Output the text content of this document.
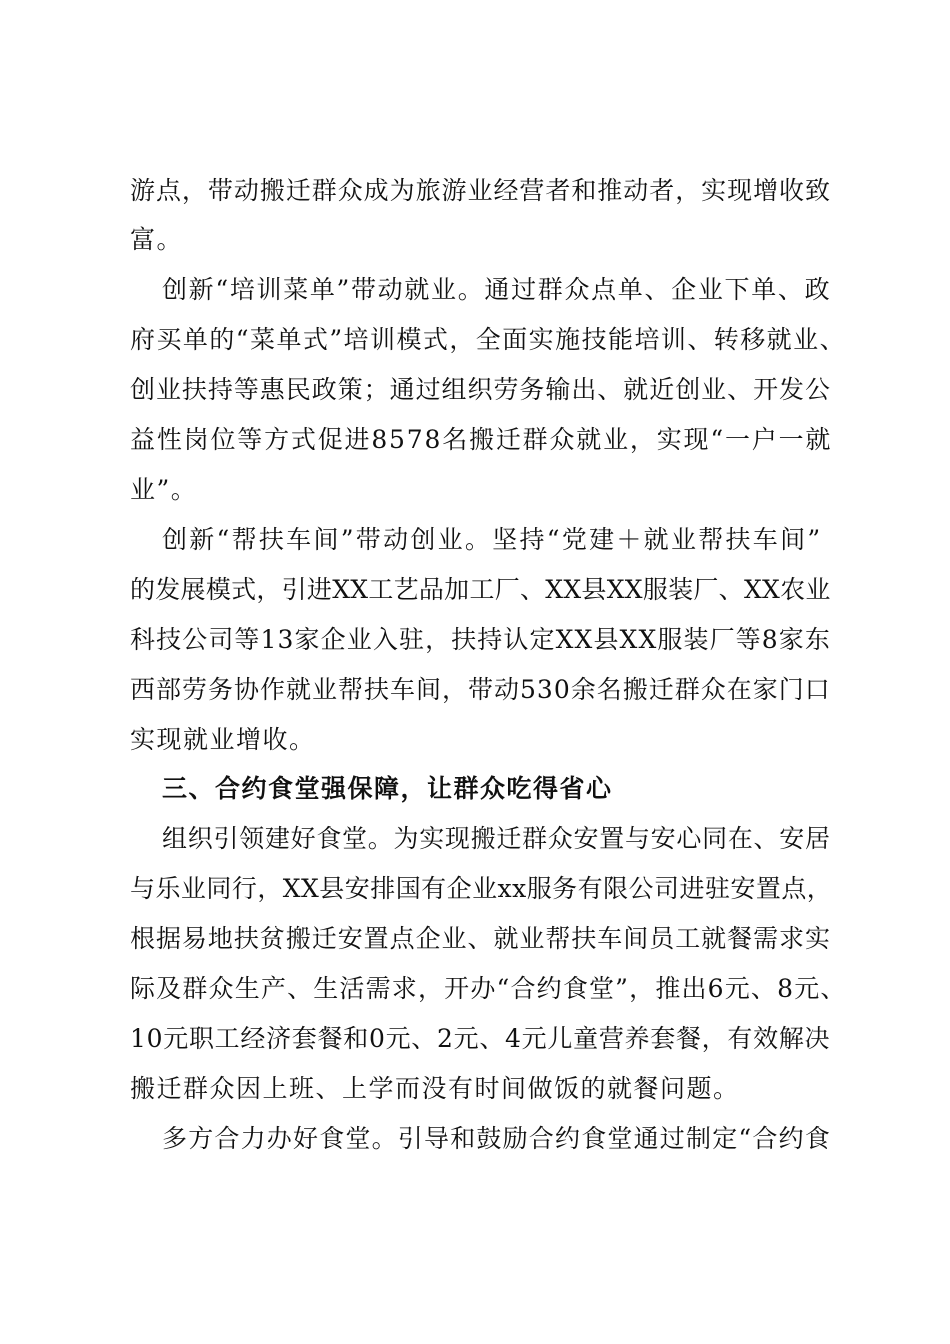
游点，带动搬迁群众成为旅游业经营者和推动者，实现增收致
富。
创新“培训菜单”带动就业。通过群众点单、企业下单、政
府买单的“菜单式”培训模式，全面实施技能培训、转移就业、
创业扶持等惠民政策；通过组织劳务输出、就近创业、开发公
益性岗位等方式促进8578名搬迁群众就业，实现“一户一就
业”。
创新“帮扶车间”带动创业。坚持“党建＋就业帮扶车间”
的发展模式，引进XX工艺品加工厂、XX县XX服装厂、XX农业
科技公司等13家企业入驻，扶持认定XX县XX服装厂等8家东
西部劳务协作就业帮扶车间，带动530余名搬迁群众在家门口
实现就业增收。
三、合约食堂强保障，让群众吃得省心
组织引领建好食堂。为实现搬迁群众安置与安心同在、安居
与乐业同行，XX县安排国有企业xx服务有限公司进驻安置点，
根据易地扶贫搬迁安置点企业、就业帮扶车间员工就餐需求实
际及群众生产、生活需求，开办“合约食堂”，推出6元、8元、
10元职工经济套餐和0元、2元、4元儿童营养套餐，有效解决
搬迁群众因上班、上学而没有时间做饭的就餐问题。
多方合力办好食堂。引导和鼓励合约食堂通过制定“合约食
